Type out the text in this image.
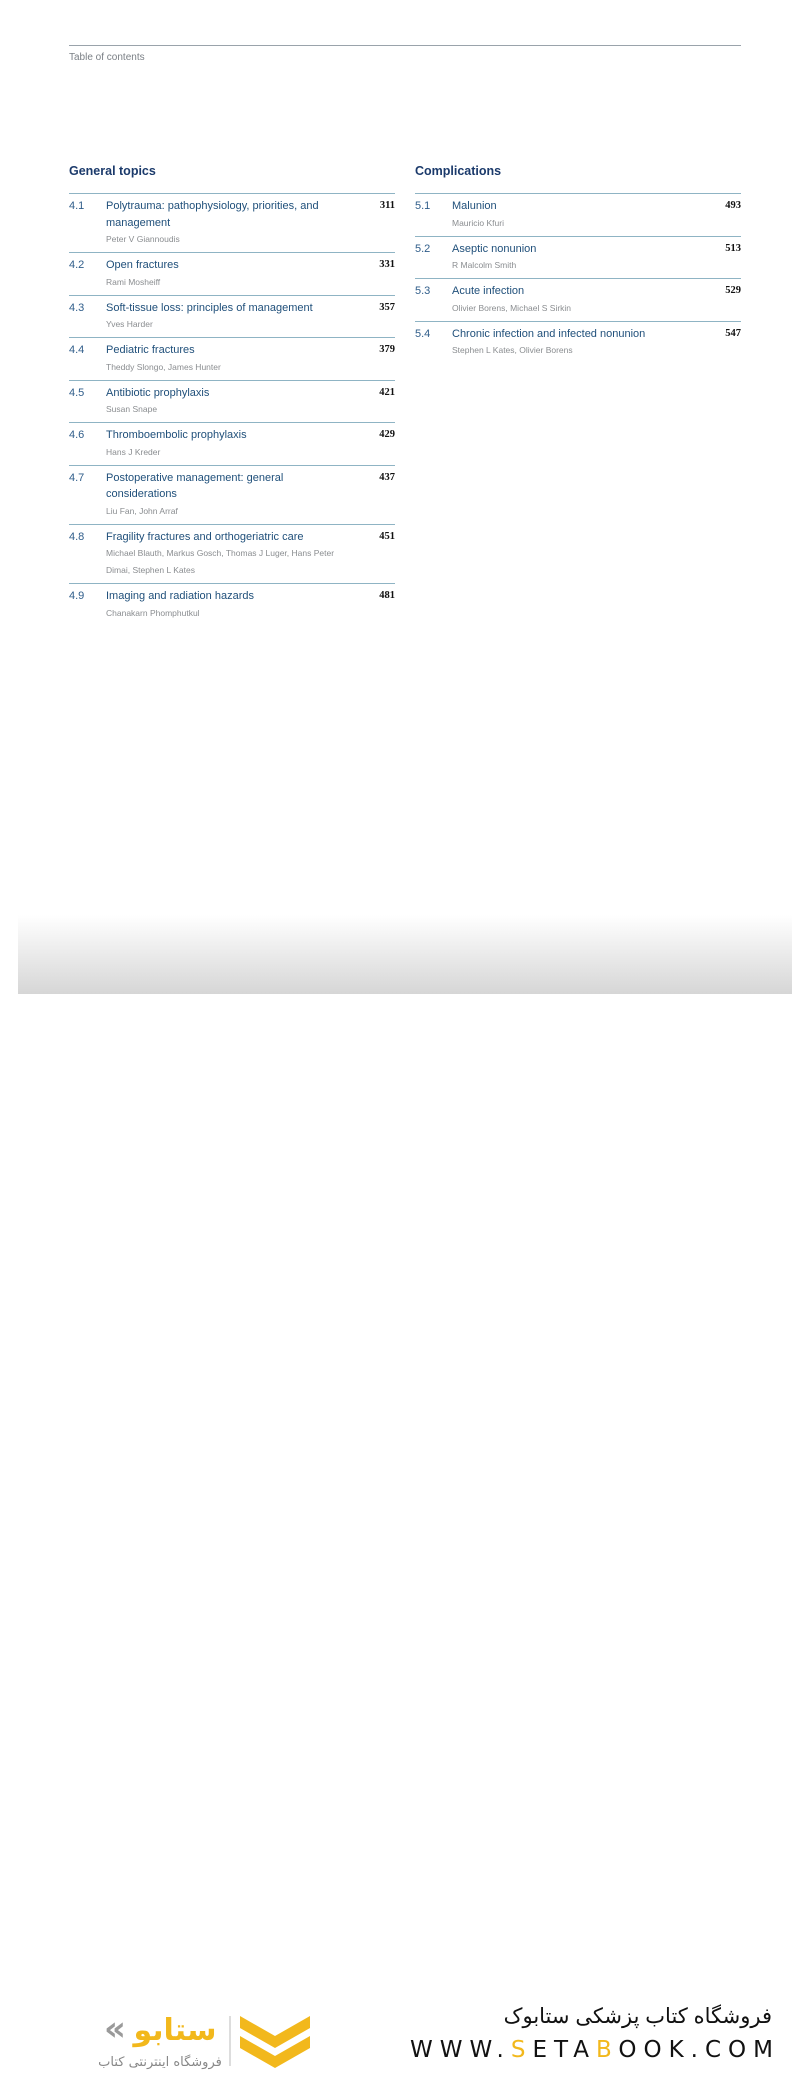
Table of contents
General topics
4.1	Polytrauma: pathophysiology, priorities, and management
Peter V Giannoudis
311
4.2	Open fractures
Rami Mosheiff
331
4.3	Soft-tissue loss: principles of management
Yves Harder
357
4.4	Pediatric fractures
Theddy Slongo, James Hunter
379
4.5	Antibiotic prophylaxis
Susan Snape
421
4.6	Thromboembolic prophylaxis
Hans J Kreder
429
4.7	Postoperative management: general considerations
Liu Fan, John Arraf
437
4.8	Fragility fractures and orthogeriatric care
Michael Blauth, Markus Gosch, Thomas J Luger, Hans Peter Dimai, Stephen L Kates
451
4.9	Imaging and radiation hazards
Chanakarn Phomphutkul
481
Complications
5.1	Malunion
Mauricio Kfuri
493
5.2	Aseptic nonunion
R Malcolm Smith
513
5.3	Acute infection
Olivier Borens, Michael S Sirkin
529
5.4	Chronic infection and infected nonunion
Stephen L Kates, Olivier Borens
547
« ستابو
فروشگاه اینترنتی کتاب
فروشگاه کتاب پزشکی ستابوک
WWW.SETABOOK.COM
